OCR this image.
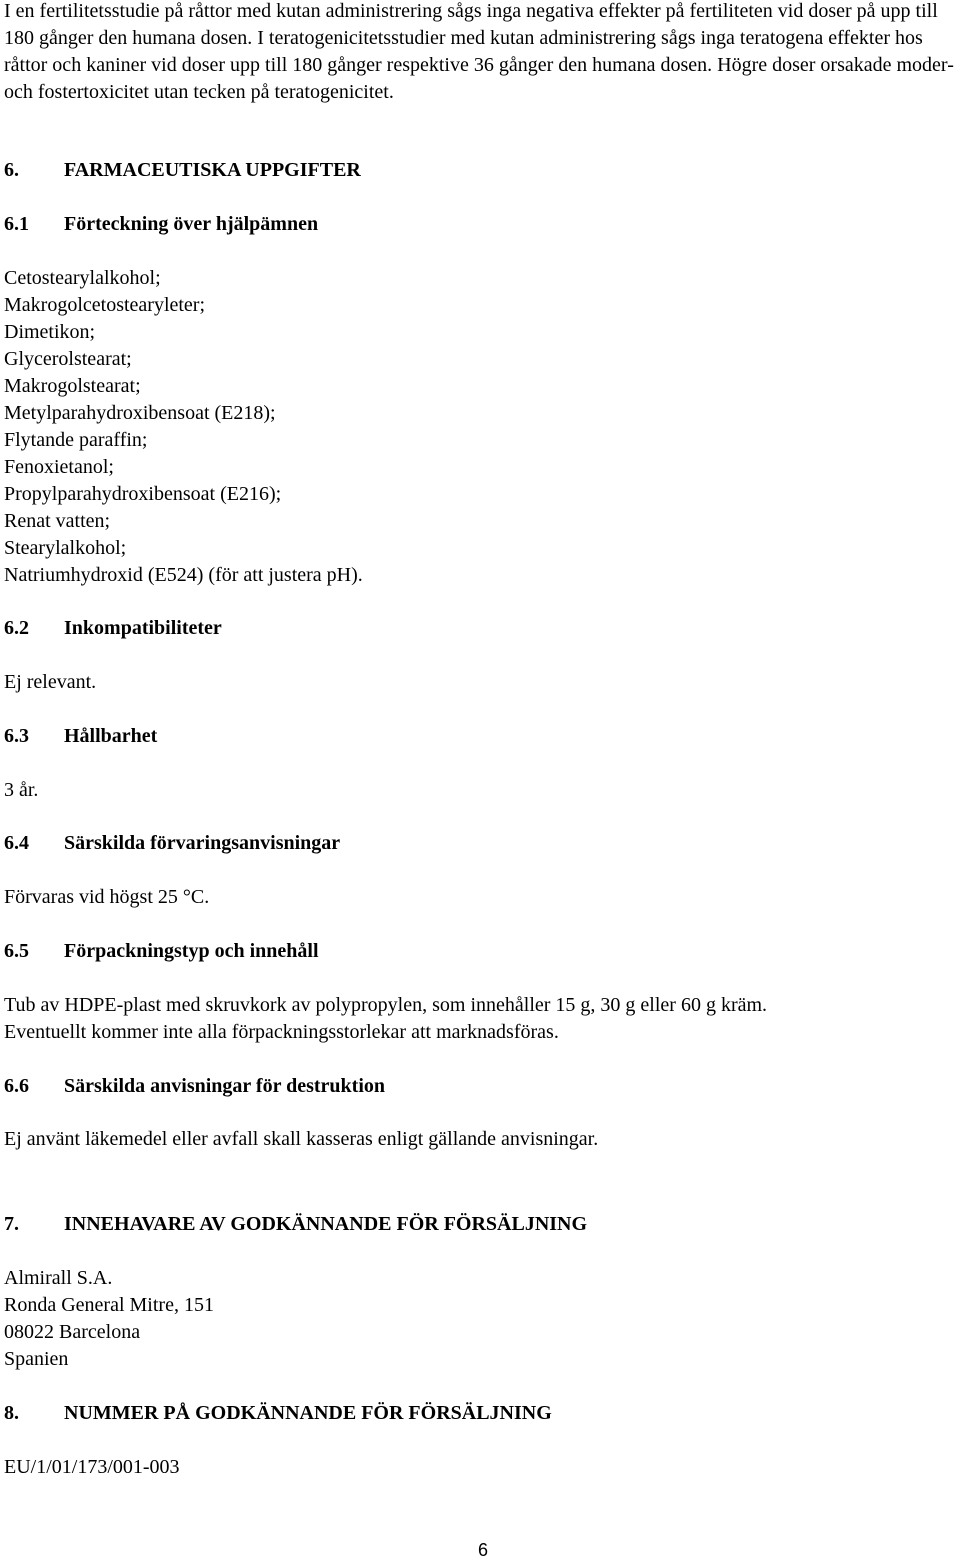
I en fertilitetsstudie på råttor med kutan administrering sågs inga negativa effekter på fertiliteten vid doser på upp till 180 gånger den humana dosen. I teratogenicitetsstudier med kutan administrering sågs inga teratogena effekter hos råttor och kaniner vid doser upp till 180 gånger respektive 36 gånger den humana dosen. Högre doser orsakade moder- och fostertoxicitet utan tecken på teratogenicitet.

6. FARMACEUTISKA UPPGIFTER
6.1 Förteckning över hjälpämnen
Cetostearylalkohol;
Makrogolcetostearyleter;
Dimetikon;
Glycerolstearat;
Makrogolstearat;
Metylparahydroxibensoat (E218);
Flytande paraffin;
Fenoxietanol;
Propylparahydroxibensoat (E216);
Renat vatten;
Stearylalkohol;
Natriumhydroxid (E524) (för att justera pH).
6.2 Inkompatibiliteter

Ej relevant.

6.3 Hållbarhet

3 år.

6.4 Särskilda förvaringsanvisningar

Förvaras vid högst 25 °C.

6.5 Förpackningstyp och innehåll

Tub av HDPE-plast med skruvkork av polypropylen, som innehåller 15 g, 30 g eller 60 g kräm.

Eventuellt kommer inte alla förpackningsstorlekar att marknadsföras.

6.6 Särskilda anvisningar för destruktion

Ej använt läkemedel eller avfall skall kasseras enligt gällande anvisningar.

7. INNEHAVARE AV GODKÄNNANDE FÖR FÖRSÄLJNING

Almirall S.A.

Ronda General Mitre, 151

08022 Barcelona

Spanien

8. NUMMER PÅ GODKÄNNANDE FÖR FÖRSÄLJNING

EU/1/01/173/001-003

6
